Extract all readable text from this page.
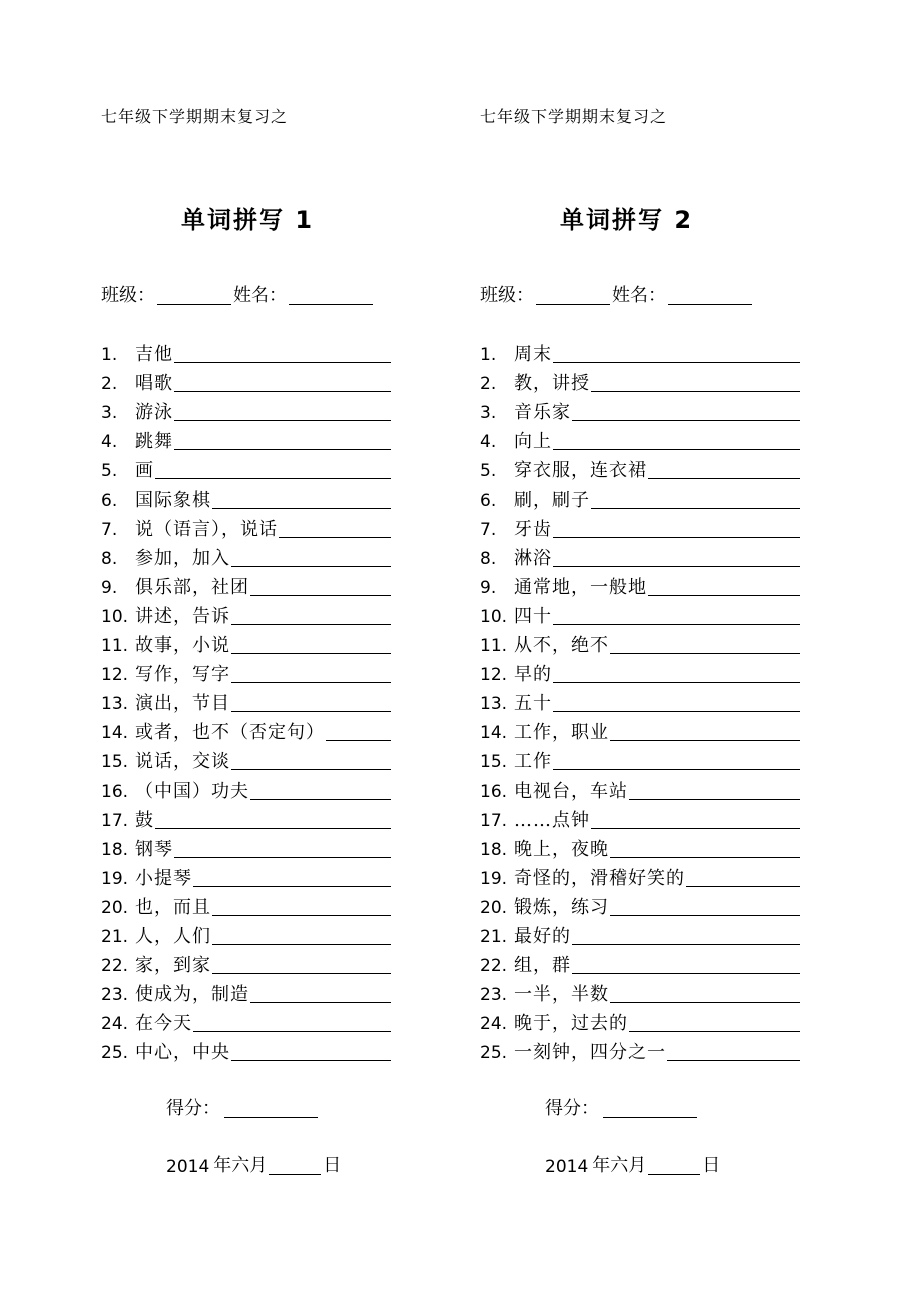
七年级下学期期末复习之
单词拼写 1
班级：	姓名：
1. 吉他
2. 唱歌
3. 游泳
4. 跳舞
5. 画
6. 国际象棋
7. 说（语言），说话
8. 参加，加入
9. 俱乐部，社团
10. 讲述，告诉
11. 故事，小说
12. 写作，写字
13. 演出，节目
14. 或者，也不（否定句）
15. 说话，交谈
16. （中国）功夫
17. 鼓
18. 钢琴
19. 小提琴
20. 也，而且
21. 人，人们
22. 家，到家
23. 使成为，制造
24. 在今天
25. 中心，中央
得分：
2014 年六月	日
七年级下学期期末复习之
单词拼写 2
班级：	姓名：
1. 周末
2. 教，讲授
3. 音乐家
4. 向上
5. 穿衣服，连衣裙
6. 刷，刷子
7. 牙齿
8. 淋浴
9. 通常地，一般地
10. 四十
11. 从不，绝不
12. 早的
13. 五十
14. 工作，职业
15. 工作
16. 电视台，车站
17. ……点钟
18. 晚上，夜晚
19. 奇怪的，滑稽好笑的
20. 锻炼，练习
21. 最好的
22. 组，群
23. 一半，半数
24. 晚于，过去的
25. 一刻钟，四分之一
得分：
2014 年六月	日
